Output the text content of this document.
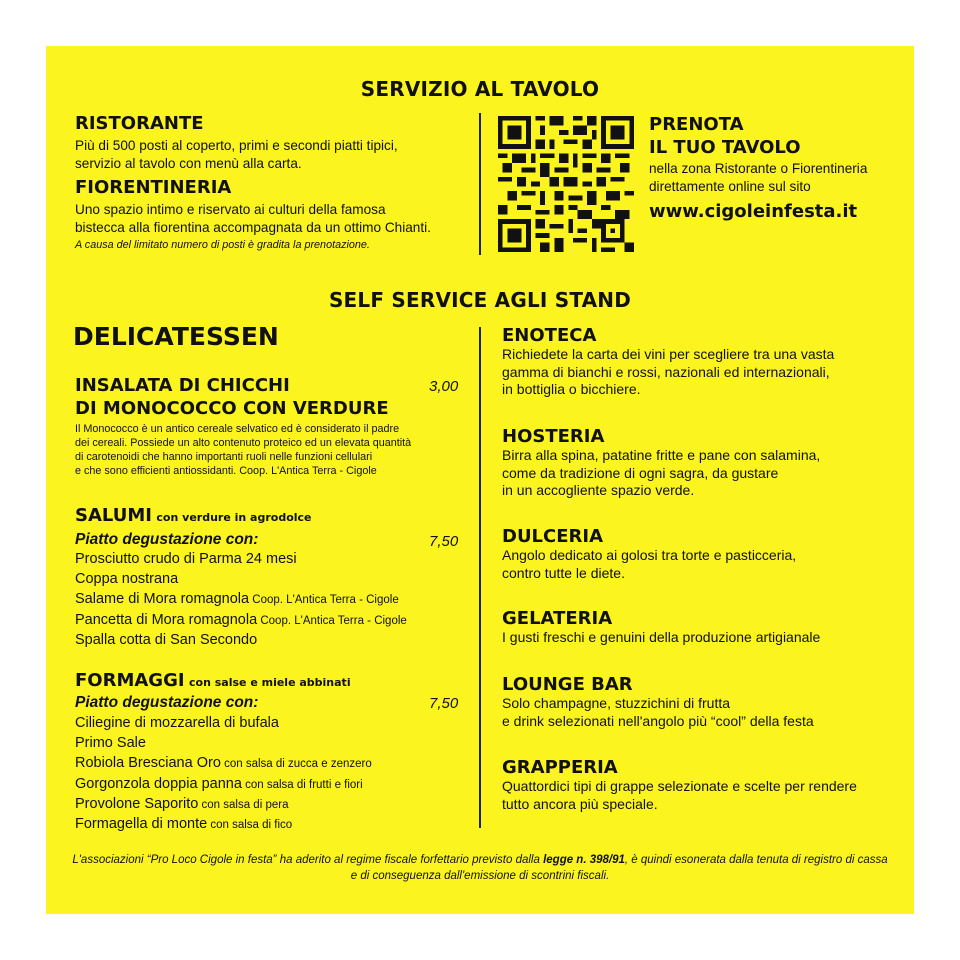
SERVIZIO AL TAVOLO
RISTORANTE
Più di 500 posti al coperto, primi e secondi piatti tipici,
servizio al tavolo con menù alla carta.
FIORENTINERIA
Uno spazio intimo e riservato ai culturi della famosa
bistecca alla fiorentina accompagnata da un ottimo Chianti.
A causa del limitato numero di posti è gradita la prenotazione.
PRENOTA
IL TUO TAVOLO
nella zona Ristorante o Fiorentineria
direttamente online sul sito
www.cigoleinfesta.it
SELF SERVICE AGLI STAND
DELICATESSEN
INSALATA DI CHICCHI
DI MONOCOCCO CON VERDURE
3,00
Il Monococco è un antico cereale selvatico ed è considerato il padre
dei cereali. Possiede un alto contenuto proteico ed un elevata quantità
di carotenoidi che hanno importanti ruoli nelle funzioni cellulari
e che sono efficienti antiossidanti. Coop. L'Antica Terra - Cigole
SALUMI con verdure in agrodolce
Piatto degustazione con:	7,50
Prosciutto crudo di Parma 24 mesi
Coppa nostrana
Salame di Mora romagnola Coop. L'Antica Terra - Cigole
Pancetta di Mora romagnola Coop. L'Antica Terra - Cigole
Spalla cotta di San Secondo
FORMAGGI con salse e miele abbinati
Piatto degustazione con:	7,50
Ciliegine di mozzarella di bufala
Primo Sale
Robiola Bresciana Oro con salsa di zucca e zenzero
Gorgonzola doppia panna con salsa di frutti e fiori
Provolone Saporito con salsa di pera
Formagella di monte con salsa di fico
ENOTECA
Richiedete la carta dei vini per scegliere tra una vasta
gamma di bianchi e rossi, nazionali ed internazionali,
in bottiglia o bicchiere.
HOSTERIA
Birra alla spina, patatine fritte e pane con salamina,
come da tradizione di ogni sagra, da gustare
in un accogliente spazio verde.
DULCERIA
Angolo dedicato ai golosi tra torte e pasticceria,
contro tutte le diete.
GELATERIA
I gusti freschi e genuini della produzione artigianale
LOUNGE BAR
Solo champagne, stuzzichini di frutta
e drink selezionati nell'angolo più “cool” della festa
GRAPPERIA
Quattordici tipi di grappe selezionate e scelte per rendere
tutto ancora più speciale.
L'associazioni “Pro Loco Cigole in festa” ha aderito al regime fiscale forfettario previsto dalla legge n. 398/91, è quindi esonerata dalla tenuta di registro di cassa
e di conseguenza dall'emissione di scontrini fiscali.
